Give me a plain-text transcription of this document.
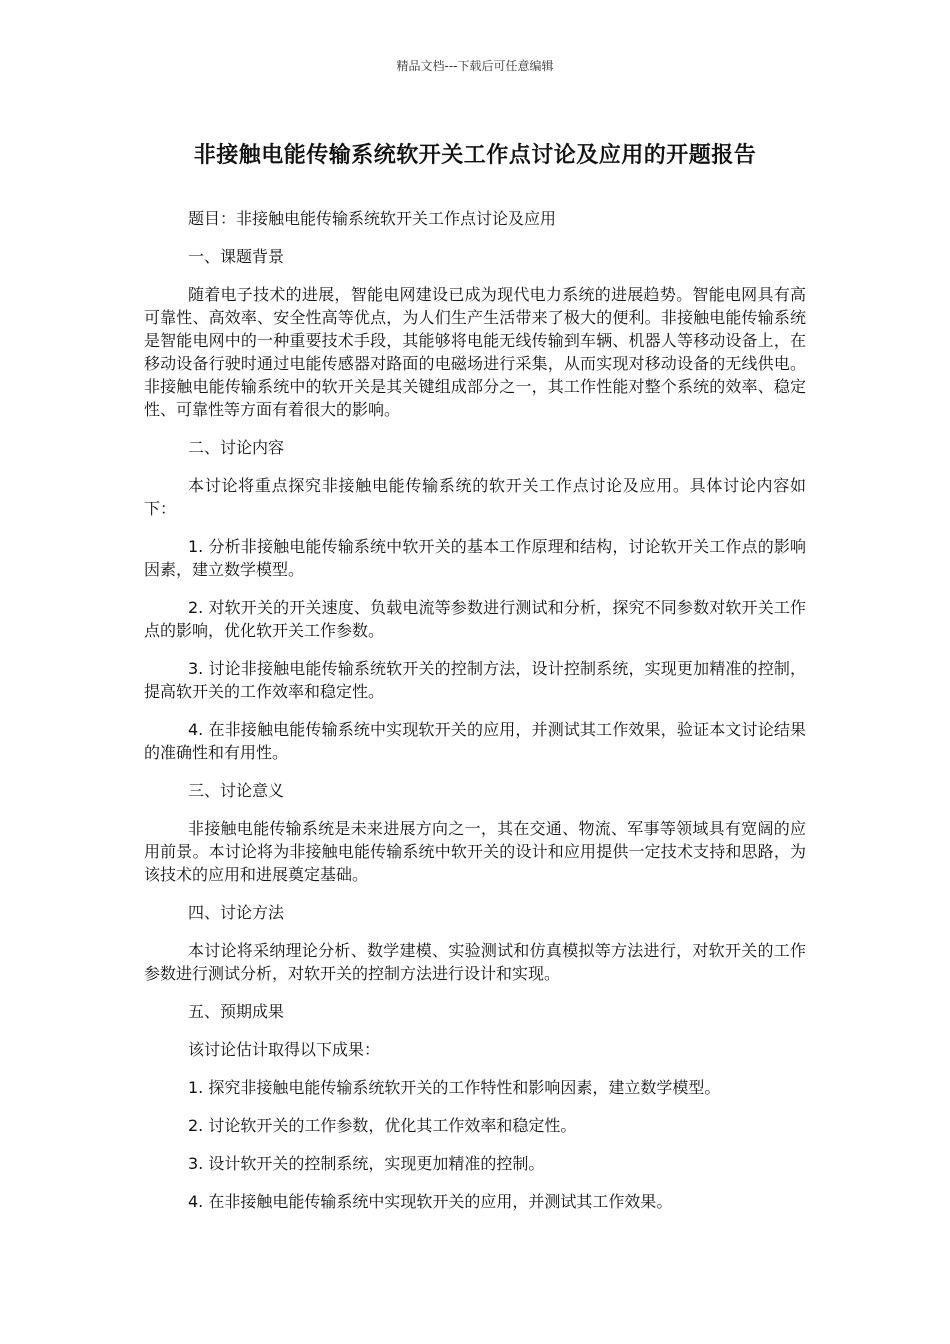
精品文档---下载后可任意编辑
非接触电能传输系统软开关工作点讨论及应用的开题报告
题目：非接触电能传输系统软开关工作点讨论及应用
一、课题背景
随着电子技术的进展，智能电网建设已成为现代电力系统的进展趋势。智能电网具有高可靠性、高效率、安全性高等优点，为人们生产生活带来了极大的便利。非接触电能传输系统是智能电网中的一种重要技术手段，其能够将电能无线传输到车辆、机器人等移动设备上，在移动设备行驶时通过电能传感器对路面的电磁场进行采集，从而实现对移动设备的无线供电。非接触电能传输系统中的软开关是其关键组成部分之一，其工作性能对整个系统的效率、稳定性、可靠性等方面有着很大的影响。
二、讨论内容
本讨论将重点探究非接触电能传输系统的软开关工作点讨论及应用。具体讨论内容如下：
1. 分析非接触电能传输系统中软开关的基本工作原理和结构，讨论软开关工作点的影响因素，建立数学模型。
2. 对软开关的开关速度、负载电流等参数进行测试和分析，探究不同参数对软开关工作点的影响，优化软开关工作参数。
3. 讨论非接触电能传输系统软开关的控制方法，设计控制系统，实现更加精准的控制，提高软开关的工作效率和稳定性。
4. 在非接触电能传输系统中实现软开关的应用，并测试其工作效果，验证本文讨论结果的准确性和有用性。
三、讨论意义
非接触电能传输系统是未来进展方向之一，其在交通、物流、军事等领域具有宽阔的应用前景。本讨论将为非接触电能传输系统中软开关的设计和应用提供一定技术支持和思路，为该技术的应用和进展奠定基础。
四、讨论方法
本讨论将采纳理论分析、数学建模、实验测试和仿真模拟等方法进行，对软开关的工作参数进行测试分析，对软开关的控制方法进行设计和实现。
五、预期成果
该讨论估计取得以下成果：
1. 探究非接触电能传输系统软开关的工作特性和影响因素，建立数学模型。
2. 讨论软开关的工作参数，优化其工作效率和稳定性。
3. 设计软开关的控制系统，实现更加精准的控制。
4. 在非接触电能传输系统中实现软开关的应用，并测试其工作效果。
